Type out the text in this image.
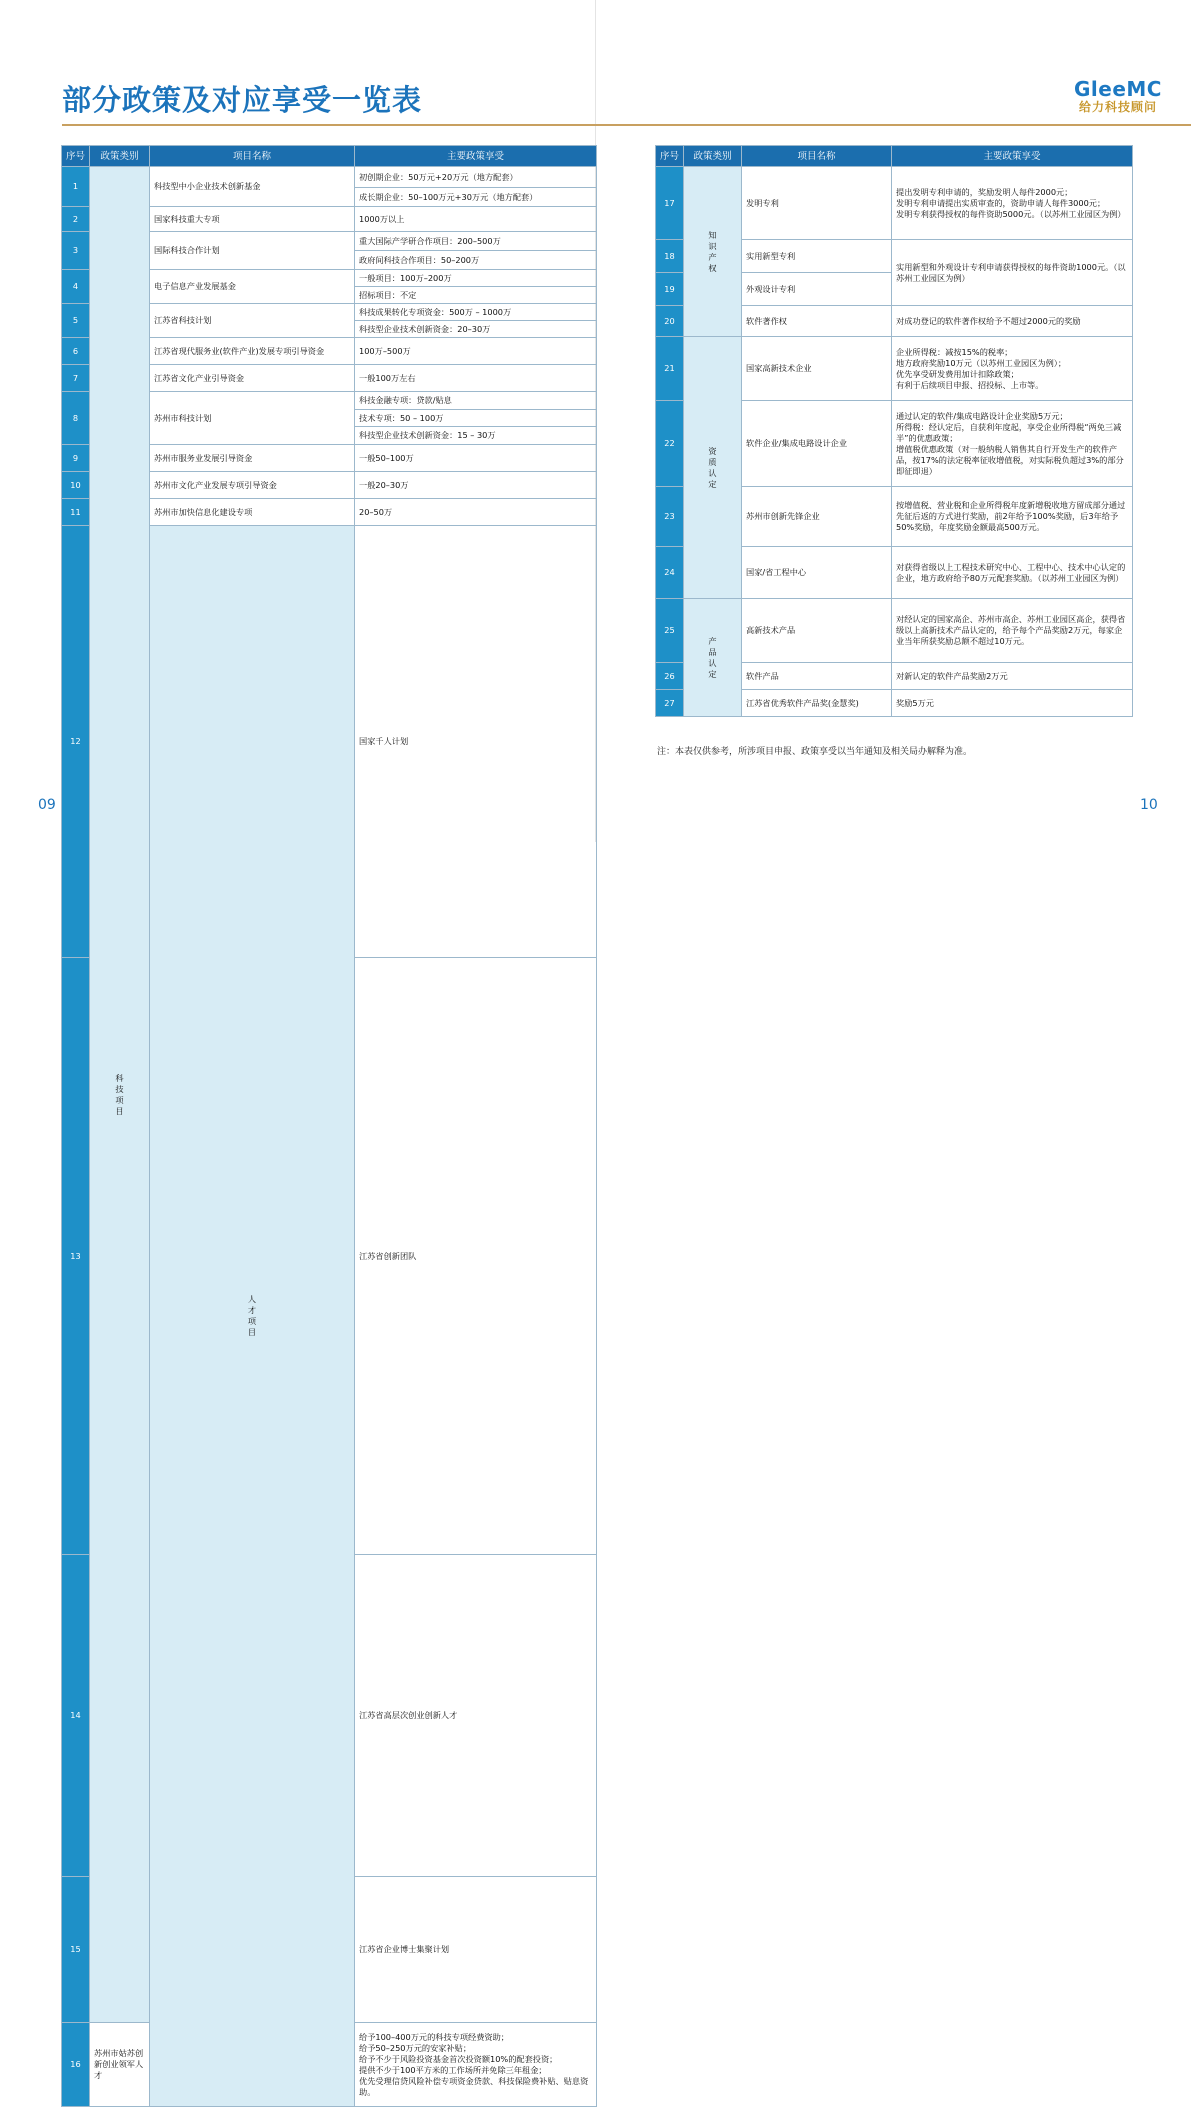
部分政策及对应享受一览表	GleeMC
给力科技顾问
序号	政策类别	项目名称	主要政策享受	
1	科技项目	科技型中小企业技术创新基金	初创期企业：50万元+20万元（地方配套）	
			成长期企业：50–100万元+30万元（地方配套）	
2		国家科技重大专项	1000万以上	
3		国际科技合作计划	重大国际产学研合作项目：200–500万	
			政府间科技合作项目：50–200万	
4		电子信息产业发展基金	一般项目：100万–200万	
			招标项目：不定	
5		江苏省科技计划	科技成果转化专项资金：500万 – 1000万	
			科技型企业技术创新资金：20–30万	
6		江苏省现代服务业(软件产业)发展专项引导资金	100万–500万	
7		江苏省文化产业引导资金	一般100万左右	
8		苏州市科技计划	科技金融专项：贷款/贴息	
			技术专项：50 – 100万	
			科技型企业技术创新资金：15 – 30万	
9		苏州市服务业发展引导资金	一般50–100万	
10		苏州市文化产业发展专项引导资金	一般20–30万	
11		苏州市加快信息化建设专项	20–50万	
12		人才项目	国家千人计划	
13			江苏省创新团队	
14			江苏省高层次创业创新人才	
15			江苏省企业博士集聚计划	
16	苏州市姑苏创新创业领军人才		给予100–400万元的科技专项经费资助；
给予50–250万元的安家补贴；
给予不少于风险投资基金首次投资额10%的配套投资；
提供不少于100平方米的工作场所并免除三年租金；
优先受理信贷风险补偿专项资金贷款、科技保险费补贴、贴息资助。	
序号	政策类别	项目名称	主要政策享受
17	知识产权	发明专利	提出发明专利申请的，奖励发明人每件2000元；
发明专利申请提出实质审查的，资助申请人每件3000元；
发明专利获得授权的每件资助5000元。（以苏州工业园区为例）

18		实用新型专利	实用新型和外观设计专利申请获得授权的每件资助1000元。（以苏州工业园区为例）
19		外观设计专利	
20		软件著作权	对成功登记的软件著作权给予不超过2000元的奖励
21	资质认定	国家高新技术企业	企业所得税：减按15%的税率；
地方政府奖励10万元（以苏州工业园区为例）；
优先享受研发费用加计扣除政策；
有利于后续项目申报、招投标、上市等。

22		软件企业/集成电路设计企业	通过认定的软件/集成电路设计企业奖励5万元；
所得税：经认定后，自获利年度起，享受企业所得税“两免三减半”的优惠政策；
增值税优惠政策（对一般纳税人销售其自行开发生产的软件产品，按17%的法定税率征收增值税，对实际税负超过3%的部分即征即退）

23		苏州市创新先锋企业	按增值税、营业税和企业所得税年度新增税收地方留成部分通过先征后返的方式进行奖励，前2年给予100%奖励，后3年给予50%奖励，年度奖励金额最高500万元。
24		国家/省工程中心	对获得省级以上工程技术研究中心、工程中心、技术中心认定的企业，地方政府给予80万元配套奖励。（以苏州工业园区为例）
25	产品认定	高新技术产品	对经认定的国家高企、苏州市高企、苏州工业园区高企，获得省级以上高新技术产品认定的，给予每个产品奖励2万元，每家企业当年所获奖励总额不超过10万元。
26		软件产品	对新认定的软件产品奖励2万元
27		江苏省优秀软件产品奖(金慧奖)	奖励5万元
注：本表仅供参考，所涉项目申报、政策享受以当年通知及相关局办解释为准。
09	10
